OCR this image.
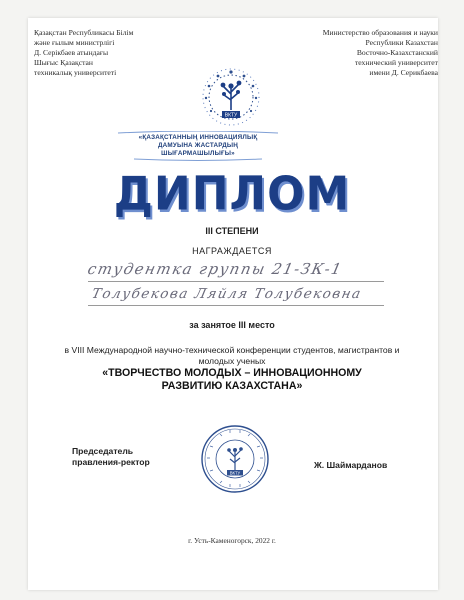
Қазақстан Республикасы Білім
және ғылым министрлігі
Д. Серікбаев атындағы
Шығыс Қазақстан
техникалық университеті
Министерство образования и науки
Республики Казахстан
Восточно-Казахстанский
технический университет
имени Д. Серикбаева
ВКТУ
«ҚАЗАҚСТАННЫҢ ИННОВАЦИЯЛЫҚ
ДАМУЫНА ЖАСТАРДЫҢ
ШЫҒАРМАШЫЛЫҒЫ»
ДИПЛОМ
III СТЕПЕНИ
НАГРАЖДАЕТСЯ
студентка группы 21-ЗК-1
Толубекова Ляйля Толубековна
за занятое III место
в VIII Международной научно-технической конференции студентов, магистрантов и молодых ученых
«ТВОРЧЕСТВО МОЛОДЫХ – ИННОВАЦИОННОМУ
РАЗВИТИЮ КАЗАХСТАНА»
Председатель
правления-ректор
ВКТУ
Ж. Шаймарданов
г. Усть-Каменогорск, 2022 г.
